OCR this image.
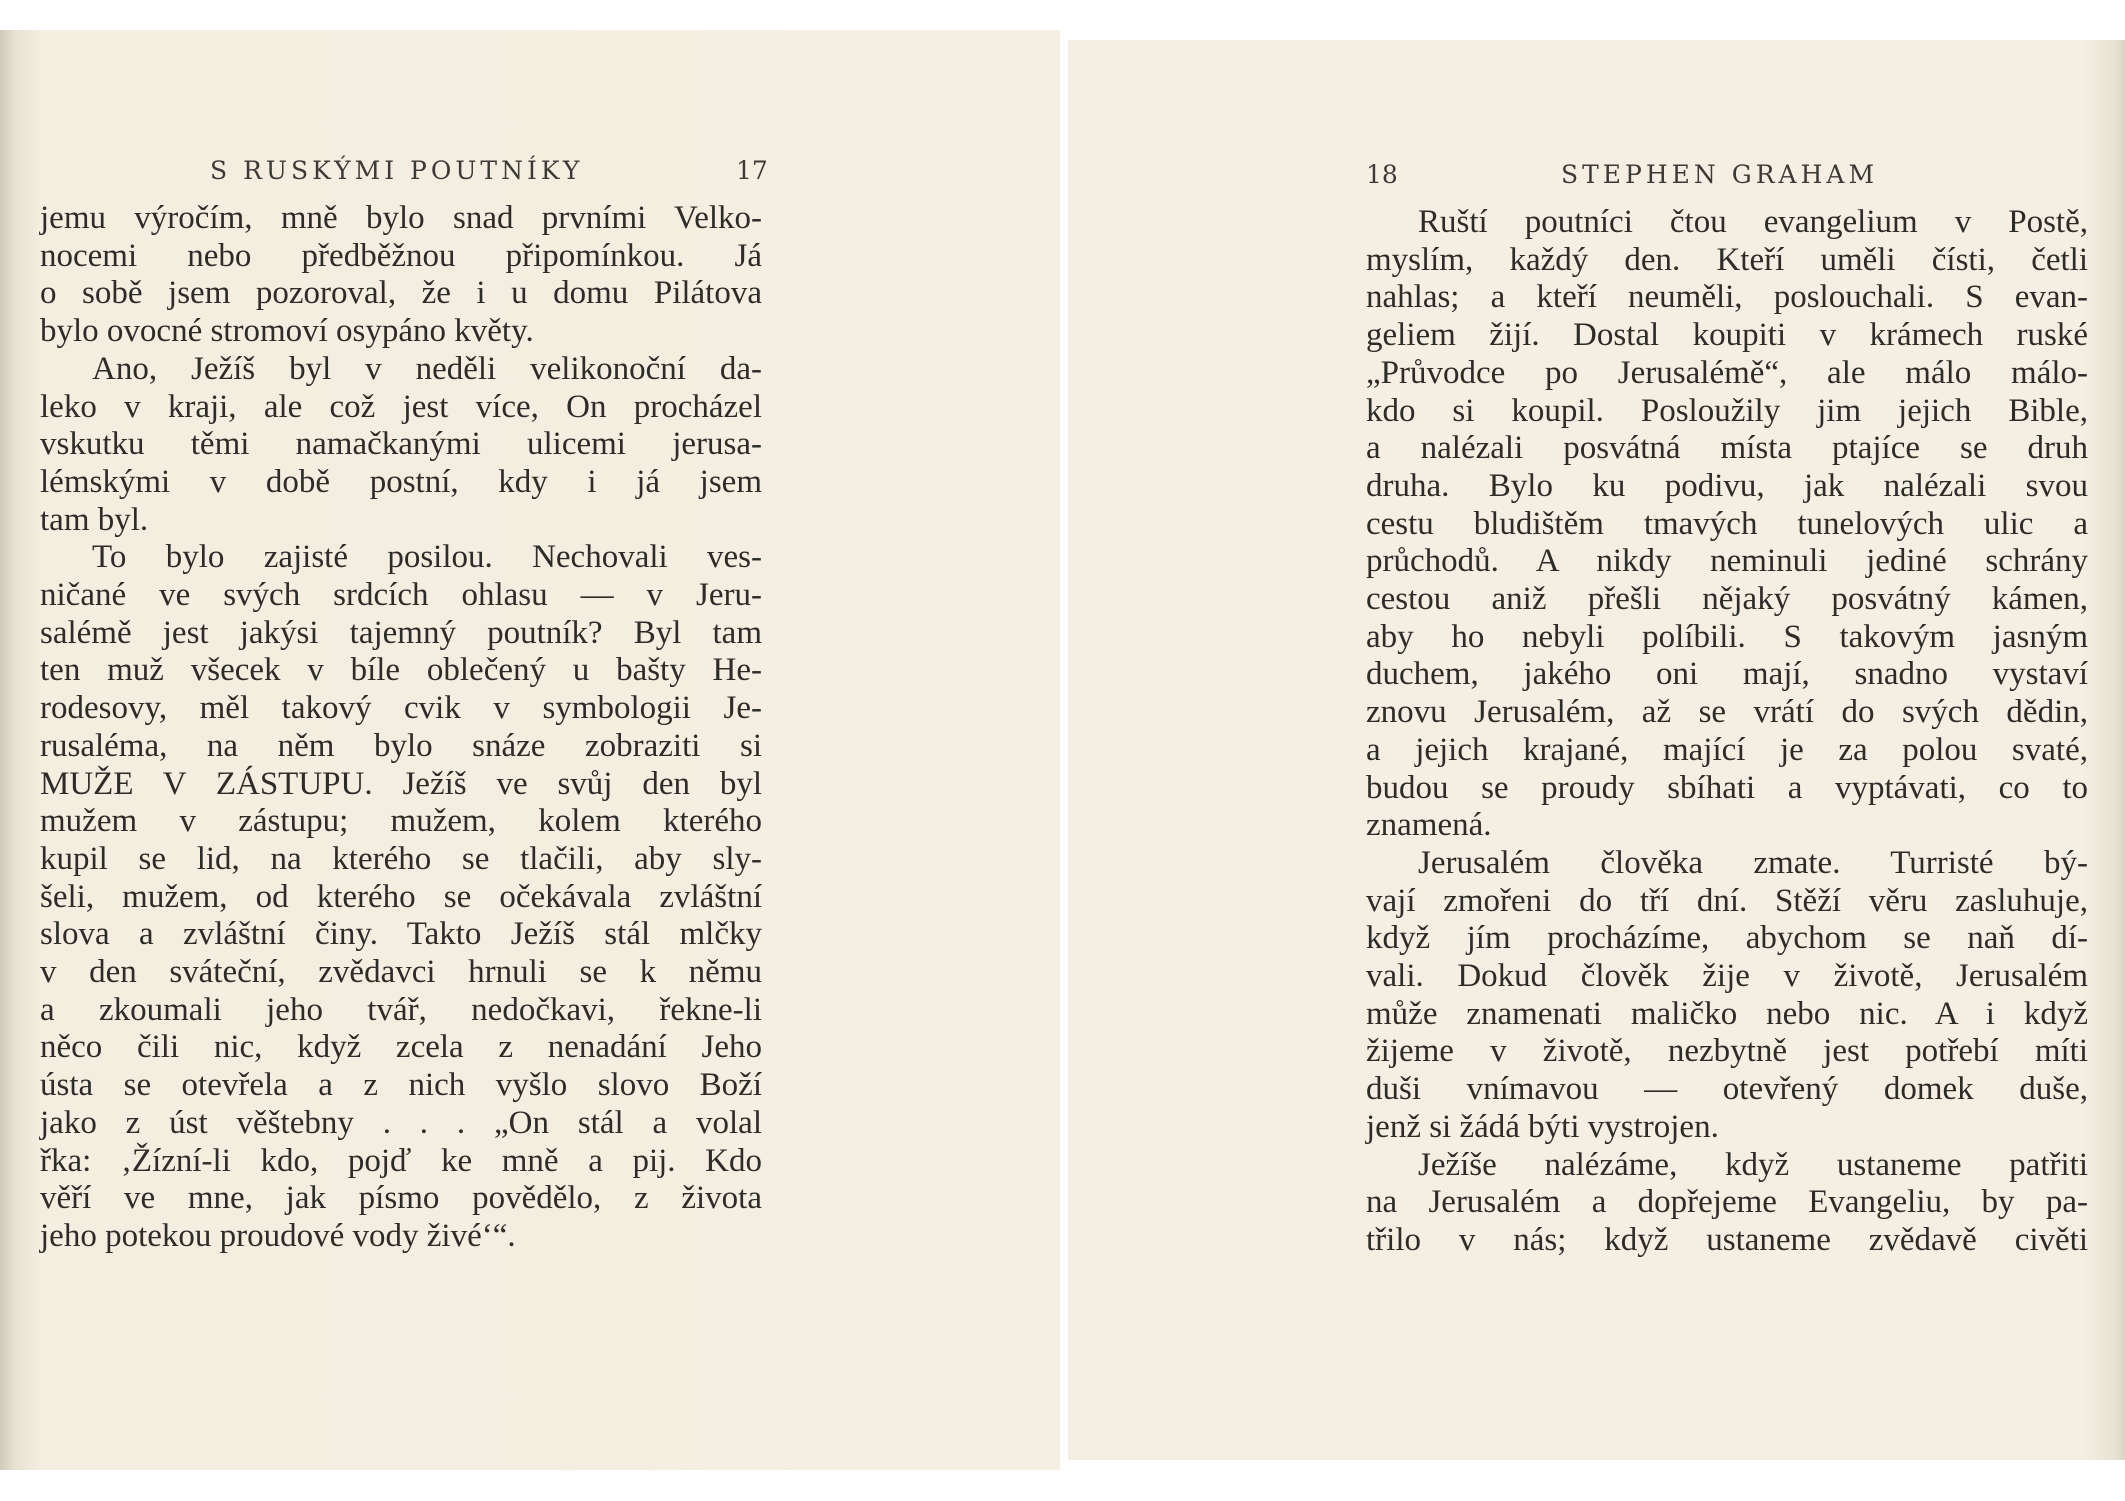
S RUSKÝMI POUTNÍKY	17
jemu výročím, mně bylo snad prvními Velko-
nocemi nebo předběžnou připomínkou. Já
o sobě jsem pozoroval, že i u domu Pilátova
bylo ovocné stromoví osypáno květy.
Ano, Ježíš byl v neděli velikonoční da-
leko v kraji, ale což jest více, On procházel
vskutku těmi namačkanými ulicemi jerusa-
lémskými v době postní, kdy i já jsem
tam byl.
To bylo zajisté posilou. Nechovali ves-
ničané ve svých srdcích ohlasu — v Jeru-
salémě jest jakýsi tajemný poutník? Byl tam
ten muž všecek v bíle oblečený u bašty He-
rodesovy, měl takový cvik v symbologii Je-
rusaléma, na něm bylo snáze zobraziti si
MUŽE V ZÁSTUPU. Ježíš ve svůj den byl
mužem v zástupu; mužem, kolem kterého
kupil se lid, na kterého se tlačili, aby sly-
šeli, mužem, od kterého se očekávala zvláštní
slova a zvláštní činy. Takto Ježíš stál mlčky
v den sváteční, zvědavci hrnuli se k němu
a zkoumali jeho tvář, nedočkavi, řekne-li
něco čili nic, když zcela z nenadání Jeho
ústa se otevřela a z nich vyšlo slovo Boží
jako z úst věštebny . . . „On stál a volal
řka: ‚Žízní-li kdo, pojď ke mně a pij. Kdo
věří ve mne, jak písmo povědělo, z života
jeho potekou proudové vody živé‘“.
18	STEPHEN GRAHAM
Ruští poutníci čtou evangelium v Postě,
myslím, každý den. Kteří uměli čísti, četli
nahlas; a kteří neuměli, poslouchali. S evan-
geliem žijí. Dostal koupiti v krámech ruské
„Průvodce po Jerusalémě“, ale málo málo-
kdo si koupil. Posloužily jim jejich Bible,
a nalézali posvátná místa ptajíce se druh
druha. Bylo ku podivu, jak nalézali svou
cestu bludištěm tmavých tunelových ulic a
průchodů. A nikdy neminuli jediné schrány
cestou aniž přešli nějaký posvátný kámen,
aby ho nebyli políbili. S takovým jasným
duchem, jakého oni mají, snadno vystaví
znovu Jerusalém, až se vrátí do svých dědin,
a jejich krajané, mající je za polou svaté,
budou se proudy sbíhati a vyptávati, co to
znamená.
Jerusalém člověka zmate. Turristé bý-
vají zmořeni do tří dní. Stěží věru zasluhuje,
když jím procházíme, abychom se naň dí-
vali. Dokud člověk žije v životě, Jerusalém
může znamenati maličko nebo nic. A i když
žijeme v životě, nezbytně jest potřebí míti
duši vnímavou — otevřený domek duše,
jenž si žádá býti vystrojen.
Ježíše nalézáme, když ustaneme patřiti
na Jerusalém a dopřejeme Evangeliu, by pa-
třilo v nás; když ustaneme zvědavě civěti
